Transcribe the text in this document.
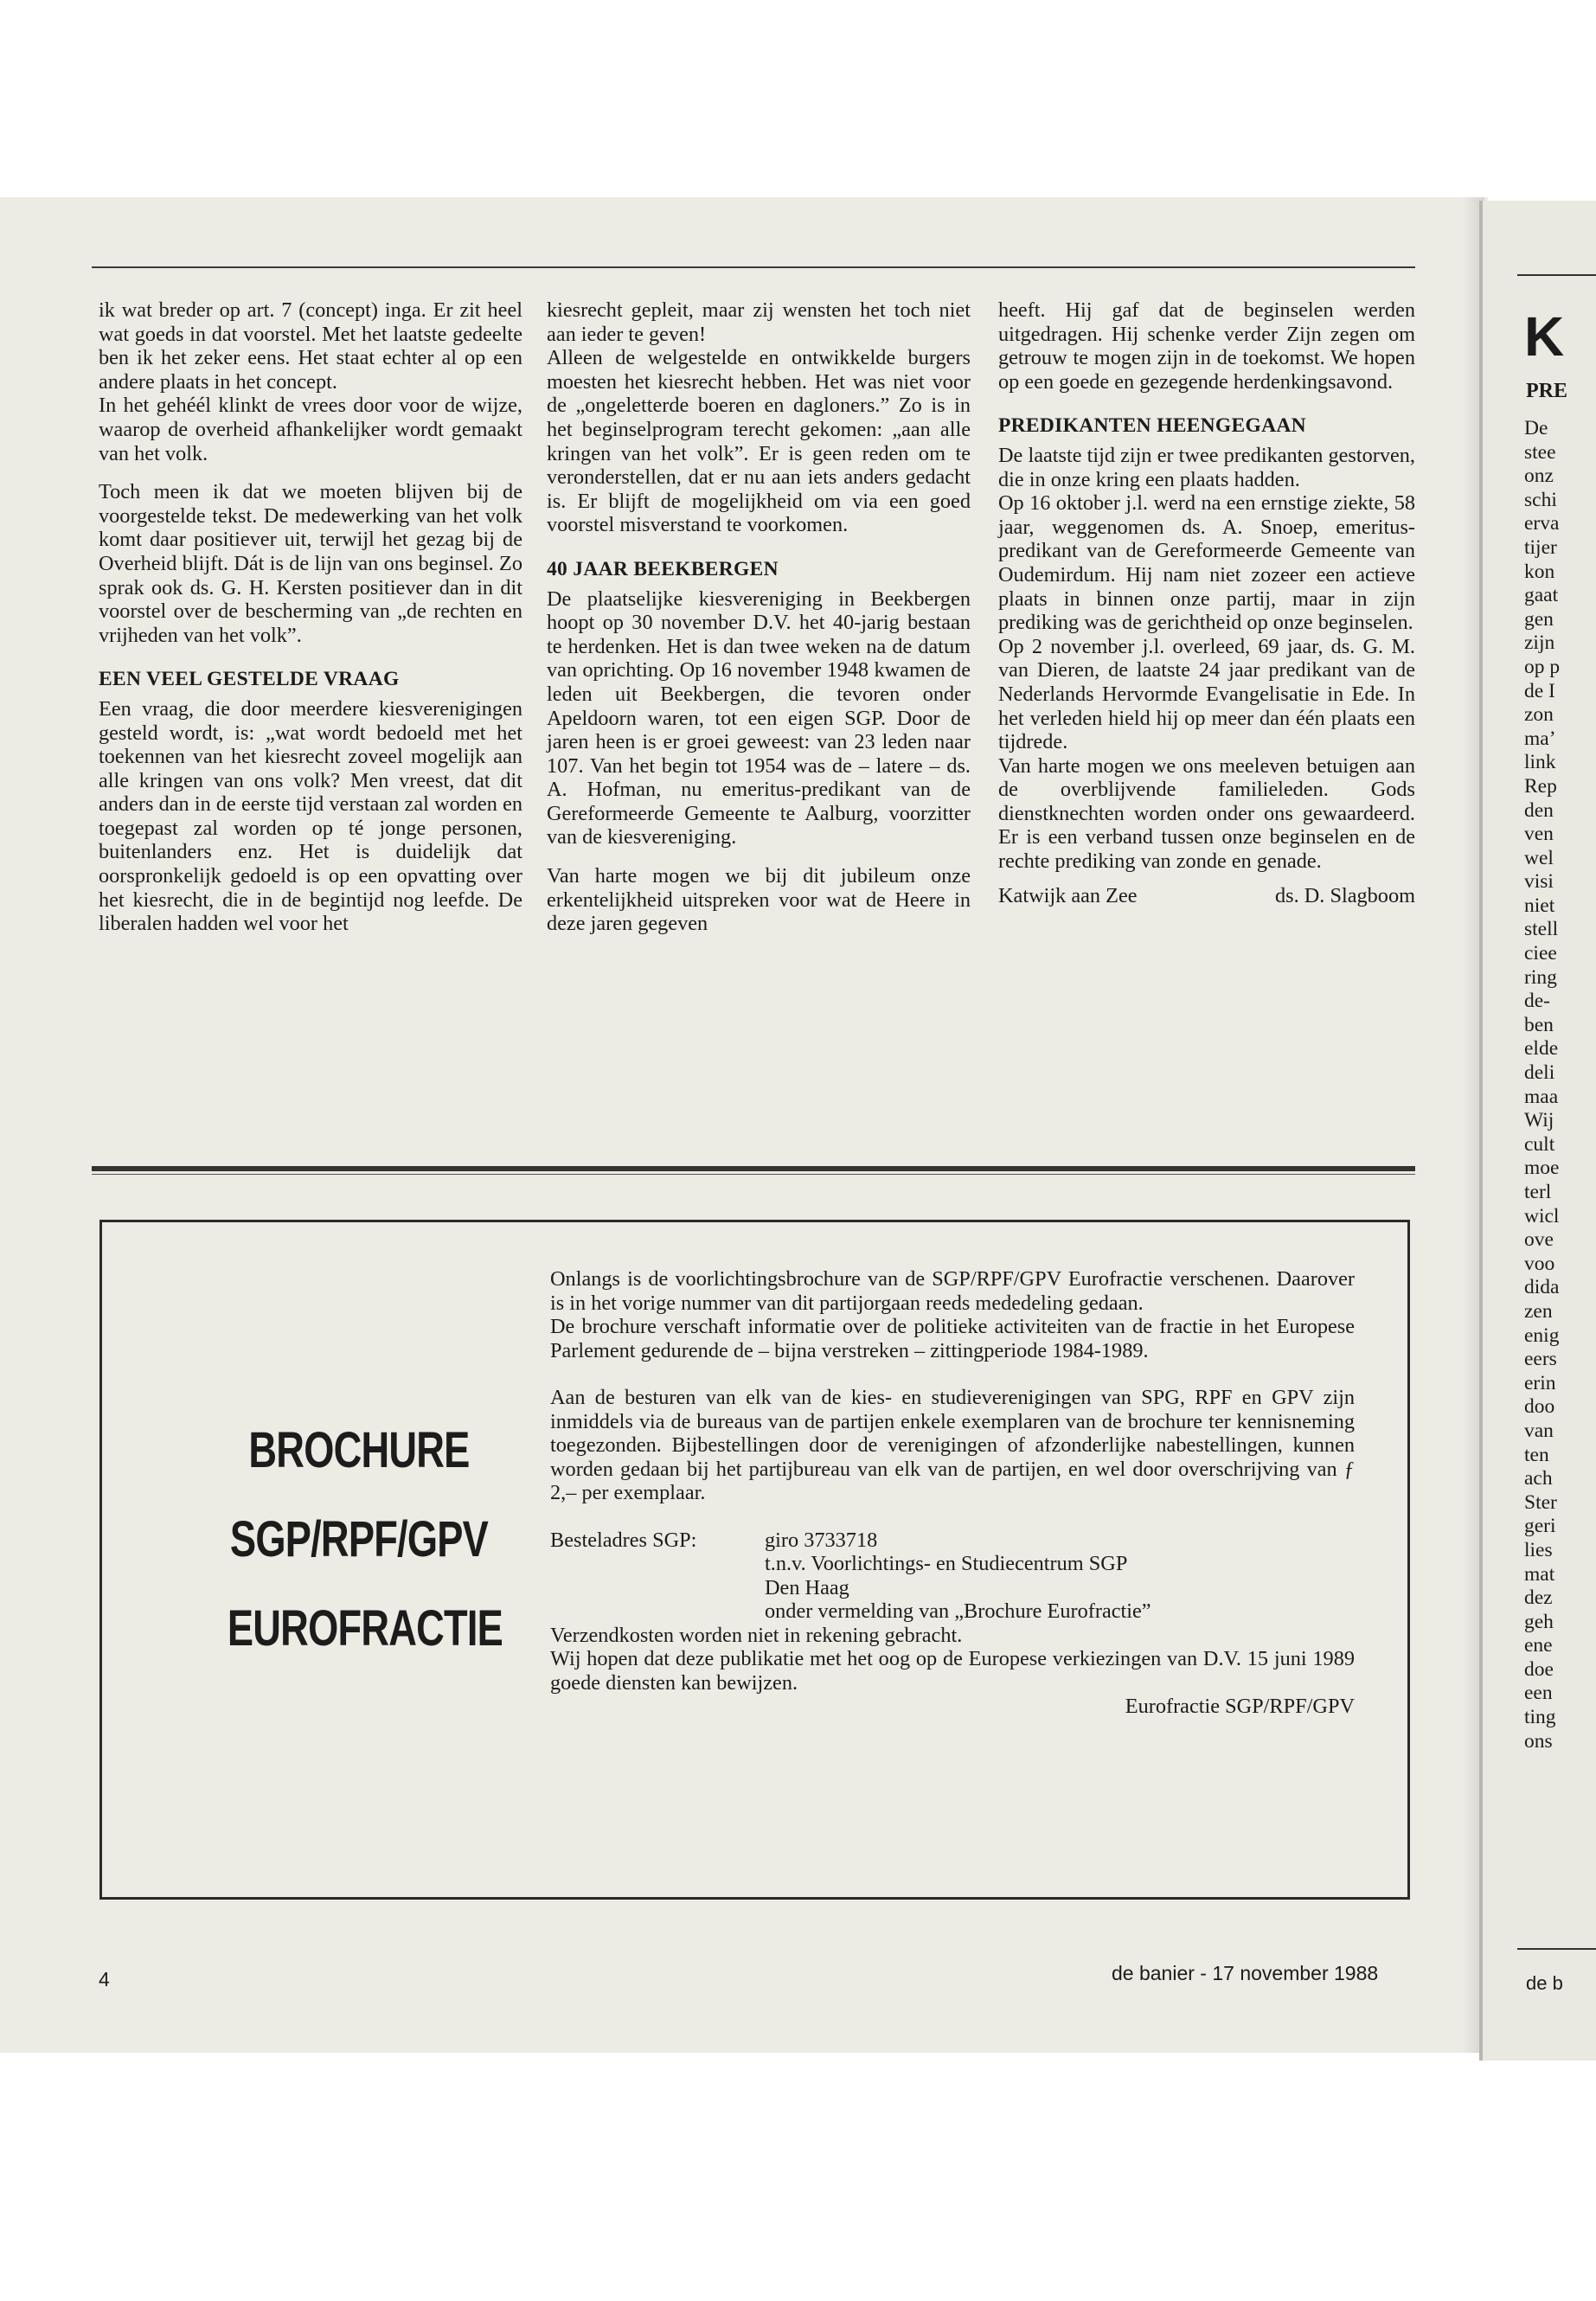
ik wat breder op art. 7 (concept) inga. Er zit heel wat goeds in dat voorstel. Met het laatste gedeelte ben ik het zeker eens. Het staat echter al op een andere plaats in het concept.

In het gehéél klinkt de vrees door voor de wijze, waarop de overheid afhankelijker wordt gemaakt van het volk.

Toch meen ik dat we moeten blijven bij de voorgestelde tekst. De medewerking van het volk komt daar positiever uit, terwijl het gezag bij de Overheid blijft. Dát is de lijn van ons beginsel. Zo sprak ook ds. G. H. Kersten positiever dan in dit voorstel over de bescherming van „de rechten en vrijheden van het volk”.

EEN VEEL GESTELDE VRAAG

Een vraag, die door meerdere kiesverenigingen gesteld wordt, is: „wat wordt bedoeld met het toekennen van het kiesrecht zoveel mogelijk aan alle kringen van ons volk? Men vreest, dat dit anders dan in de eerste tijd verstaan zal worden en toegepast zal worden op té jonge personen, buitenlanders enz. Het is duidelijk dat oorspronkelijk gedoeld is op een opvatting over het kiesrecht, die in de begintijd nog leefde. De liberalen hadden wel voor het

kiesrecht gepleit, maar zij wensten het toch niet aan ieder te geven!

Alleen de welgestelde en ontwikkelde burgers moesten het kiesrecht hebben. Het was niet voor de „ongeletterde boeren en dagloners.” Zo is in het beginselprogram terecht gekomen: „aan alle kringen van het volk”. Er is geen reden om te veronderstellen, dat er nu aan iets anders gedacht is. Er blijft de mogelijkheid om via een goed voorstel misverstand te voorkomen.

40 JAAR BEEKBERGEN

De plaatselijke kiesvereniging in Beekbergen hoopt op 30 november D.V. het 40-jarig bestaan te herdenken. Het is dan twee weken na de datum van oprichting. Op 16 november 1948 kwamen de leden uit Beekbergen, die tevoren onder Apeldoorn waren, tot een eigen SGP. Door de jaren heen is er groei geweest: van 23 leden naar 107. Van het begin tot 1954 was de – latere – ds. A. Hofman, nu emeritus-predikant van de Gereformeerde Gemeente te Aalburg, voorzitter van de kiesvereniging.

Van harte mogen we bij dit jubileum onze erkentelijkheid uitspreken voor wat de Heere in deze jaren gegeven

heeft. Hij gaf dat de beginselen werden uitgedragen. Hij schenke verder Zijn zegen om getrouw te mogen zijn in de toekomst. We hopen op een goede en gezegende herdenkingsavond.

PREDIKANTEN HEENGEGAAN

De laatste tijd zijn er twee predikanten gestorven, die in onze kring een plaats hadden.

Op 16 oktober j.l. werd na een ernstige ziekte, 58 jaar, weggenomen ds. A. Snoep, emeritus-predikant van de Gereformeerde Gemeente van Oudemirdum. Hij nam niet zozeer een actieve plaats in binnen onze partij, maar in zijn prediking was de gerichtheid op onze beginselen.

Op 2 november j.l. overleed, 69 jaar, ds. G. M. van Dieren, de laatste 24 jaar predikant van de Nederlands Hervormde Evangelisatie in Ede. In het verleden hield hij op meer dan één plaats een tijdrede.

Van harte mogen we ons meeleven betuigen aan de overblijvende familieleden. Gods dienstknechten worden onder ons gewaardeerd. Er is een verband tussen onze beginselen en de rechte prediking van zonde en genade.

Katwijk aan Zee	ds. D. Slagboom
BROCHURE
SGP/RPF/GPV
EUROFRACTIE

Onlangs is de voorlichtingsbrochure van de SGP/RPF/GPV Eurofractie verschenen. Daarover is in het vorige nummer van dit partijorgaan reeds mededeling gedaan.

De brochure verschaft informatie over de politieke activiteiten van de fractie in het Europese Parlement gedurende de – bijna verstreken – zittingperiode 1984-1989.

Aan de besturen van elk van de kies- en studieverenigingen van SPG, RPF en GPV zijn inmiddels via de bureaus van de partijen enkele exemplaren van de brochure ter kennisneming toegezonden. Bijbestellingen door de verenigingen of afzonderlijke nabestellingen, kunnen worden gedaan bij het partijbureau van elk van de partijen, en wel door overschrijving van ƒ 2,– per exemplaar.

Besteladres SGP:	giro 3733718
t.n.v. Voorlichtings- en Studiecentrum SGP
Den Haag
onder vermelding van „Brochure Eurofractie”

Verzendkosten worden niet in rekening gebracht.

Wij hopen dat deze publikatie met het oog op de Europese verkiezingen van D.V. 15 juni 1989 goede diensten kan bewijzen.

Eurofractie SGP/RPF/GPV

4	de banier - 17 november 1988
K
PRE
De
stee
onz
schi
erva
tijer
kon
gaat
gen
zijn
op p
de I
zon
ma’
link
Rep
den
ven
wel
visi
niet
stell
ciee
ring
de-
ben
elde
deli
maa
Wij
cult
moe
terl
wicl
ove
voo
dida
zen
enig
eers
erin
doo
van
ten
ach
Ster
geri
lies
mat
dez
geh
ene
doe
een
ting
ons
de b
